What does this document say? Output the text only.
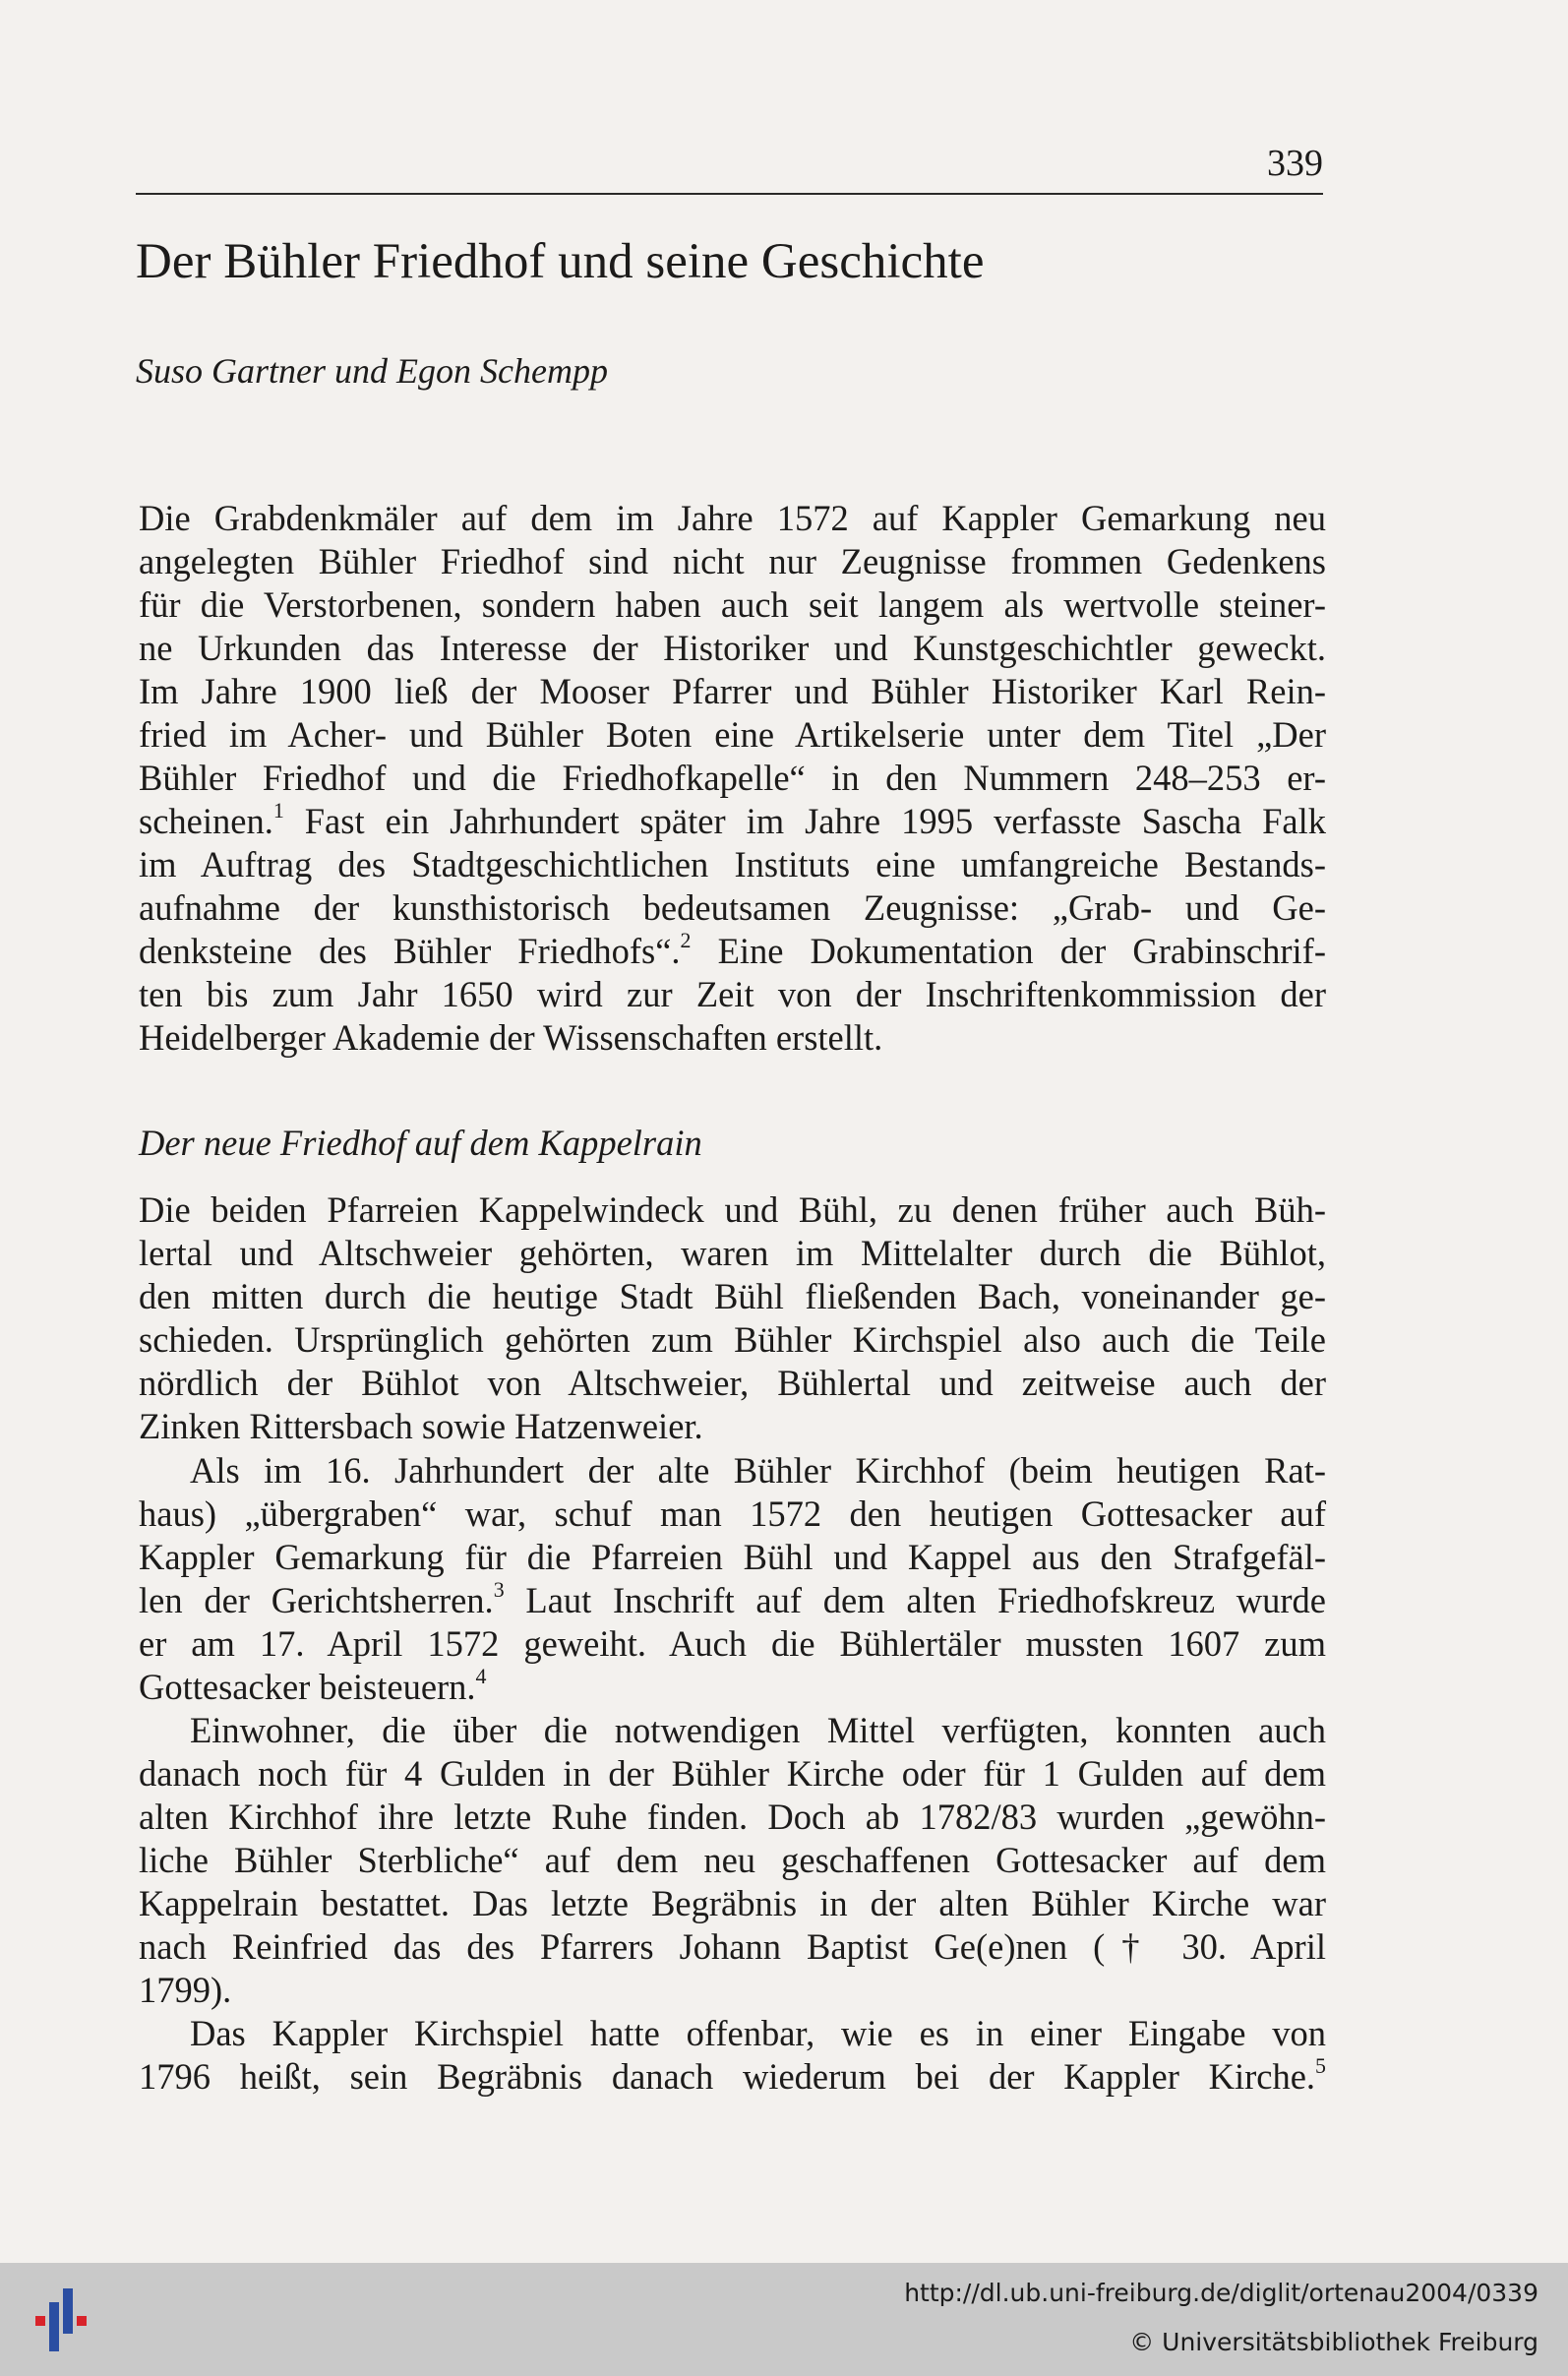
339
Der Bühler Friedhof und seine Geschichte
Suso Gartner und Egon Schempp
Die Grabdenkmäler auf dem im Jahre 1572 auf Kappler Gemarkung neu
angelegten Bühler Friedhof sind nicht nur Zeugnisse frommen Gedenkens
für die Verstorbenen, sondern haben auch seit langem als wertvolle steiner-
ne Urkunden das Interesse der Historiker und Kunstgeschichtler geweckt.
Im Jahre 1900 ließ der Mooser Pfarrer und Bühler Historiker Karl Rein-
fried im Acher- und Bühler Boten eine Artikelserie unter dem Titel „Der
Bühler Friedhof und die Friedhofkapelle“ in den Nummern 248–253 er-
scheinen.$^1$ Fast ein Jahrhundert später im Jahre 1995 verfasste Sascha Falk
im Auftrag des Stadtgeschichtlichen Instituts eine umfangreiche Bestands-
aufnahme der kunsthistorisch bedeutsamen Zeugnisse: „Grab- und Ge-
denksteine des Bühler Friedhofs“.$^2$ Eine Dokumentation der Grabinschrif-
ten bis zum Jahr 1650 wird zur Zeit von der Inschriftenkommission der
Heidelberger Akademie der Wissenschaften erstellt.
Der neue Friedhof auf dem Kappelrain
Die beiden Pfarreien Kappelwindeck und Bühl, zu denen früher auch Büh-
lertal und Altschweier gehörten, waren im Mittelalter durch die Bühlot,
den mitten durch die heutige Stadt Bühl fließenden Bach, voneinander ge-
schieden. Ursprünglich gehörten zum Bühler Kirchspiel also auch die Teile
nördlich der Bühlot von Altschweier, Bühlertal und zeitweise auch der
Zinken Rittersbach sowie Hatzenweier.
Als im 16. Jahrhundert der alte Bühler Kirchhof (beim heutigen Rat-
haus) „übergraben“ war, schuf man 1572 den heutigen Gottesacker auf
Kappler Gemarkung für die Pfarreien Bühl und Kappel aus den Strafgefäl-
len der Gerichtsherren.$^3$ Laut Inschrift auf dem alten Friedhofskreuz wurde
er am 17. April 1572 geweiht. Auch die Bühlertäler mussten 1607 zum
Gottesacker beisteuern.$^4$
Einwohner, die über die notwendigen Mittel verfügten, konnten auch
danach noch für 4 Gulden in der Bühler Kirche oder für 1 Gulden auf dem
alten Kirchhof ihre letzte Ruhe finden. Doch ab 1782/83 wurden „gewöhn-
liche Bühler Sterbliche“ auf dem neu geschaffenen Gottesacker auf dem
Kappelrain bestattet. Das letzte Begräbnis in der alten Bühler Kirche war
nach Reinfried das des Pfarrers Johann Baptist Ge(e)nen († 30. April
1799).
Das Kappler Kirchspiel hatte offenbar, wie es in einer Eingabe von
1796 heißt, sein Begräbnis danach wiederum bei der Kappler Kirche.$^5$
http://dl.ub.uni-freiburg.de/diglit/ortenau2004/0339
© Universitätsbibliothek Freiburg
